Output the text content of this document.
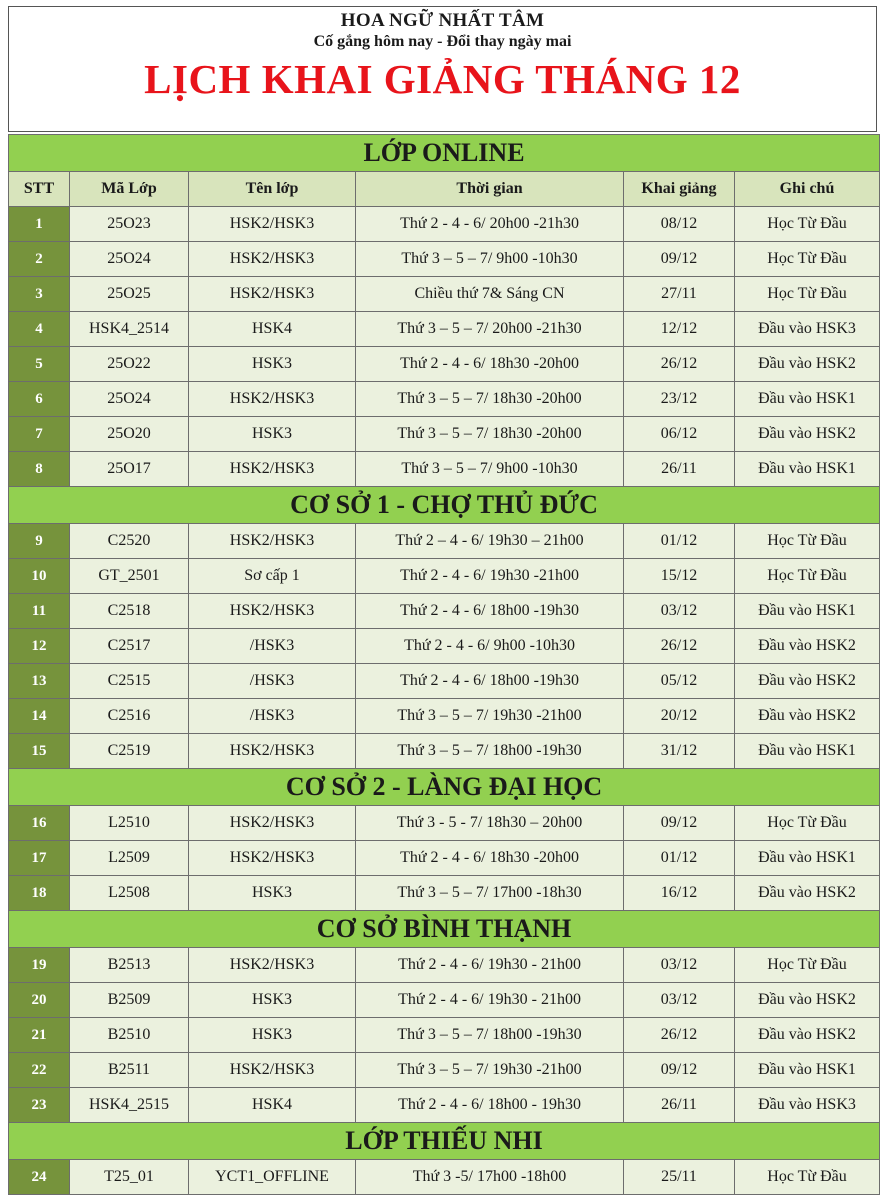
HOA NGỮ NHẤT TÂM
Cố gắng hôm nay - Đổi thay ngày mai
LỊCH KHAI GIẢNG THÁNG 12
LỚP ONLINE					
STT	Mã Lớp	Tên lớp	Thời gian	Khai giảng	Ghi chú
1	25O23	HSK2/HSK3	Thứ 2 - 4 - 6/ 20h00 -21h30	08/12	Học Từ Đầu
2	25O24	HSK2/HSK3	Thứ 3 – 5 – 7/ 9h00 -10h30	09/12	Học Từ Đầu
3	25O25	HSK2/HSK3	Chiều thứ 7& Sáng CN	27/11	Học Từ Đầu
4	HSK4_2514	HSK4	Thứ 3 – 5 – 7/ 20h00 -21h30	12/12	Đầu vào HSK3
5	25O22	HSK3	Thứ 2 - 4 - 6/ 18h30 -20h00	26/12	Đầu vào HSK2
6	25O24	HSK2/HSK3	Thứ 3 – 5 – 7/ 18h30 -20h00	23/12	Đầu vào HSK1
7	25O20	HSK3	Thứ 3 – 5 – 7/ 18h30 -20h00	06/12	Đầu vào HSK2
8	25O17	HSK2/HSK3	Thứ 3 – 5 – 7/ 9h00 -10h30	26/11	Đầu vào HSK1
CƠ SỞ 1 - CHỢ THỦ ĐỨC					
9	C2520	HSK2/HSK3	Thứ 2 – 4 - 6/ 19h30 – 21h00	01/12	Học Từ Đầu
10	GT_2501	Sơ cấp 1	Thứ 2 - 4 - 6/ 19h30 -21h00	15/12	Học Từ Đầu
11	C2518	HSK2/HSK3	Thứ 2 - 4 - 6/ 18h00 -19h30	03/12	Đầu vào HSK1
12	C2517	/HSK3	Thứ 2 - 4 - 6/ 9h00 -10h30	26/12	Đầu vào HSK2
13	C2515	/HSK3	Thứ 2 - 4 - 6/ 18h00 -19h30	05/12	Đầu vào HSK2
14	C2516	/HSK3	Thứ 3 – 5 – 7/ 19h30 -21h00	20/12	Đầu vào HSK2
15	C2519	HSK2/HSK3	Thứ 3 – 5 – 7/ 18h00 -19h30	31/12	Đầu vào HSK1
CƠ SỞ 2 - LÀNG ĐẠI HỌC					
16	L2510	HSK2/HSK3	Thứ 3 - 5 - 7/ 18h30 – 20h00	09/12	Học Từ Đầu
17	L2509	HSK2/HSK3	Thứ 2 - 4 - 6/ 18h30 -20h00	01/12	Đầu vào HSK1
18	L2508	HSK3	Thứ 3 – 5 – 7/ 17h00 -18h30	16/12	Đầu vào HSK2
CƠ SỞ BÌNH THẠNH					
19	B2513	HSK2/HSK3	Thứ 2 - 4 - 6/ 19h30 - 21h00	03/12	Học Từ Đầu
20	B2509	HSK3	Thứ 2 - 4 - 6/ 19h30 - 21h00	03/12	Đầu vào HSK2
21	B2510	HSK3	Thứ 3 – 5 – 7/ 18h00 -19h30	26/12	Đầu vào HSK2
22	B2511	HSK2/HSK3	Thứ 3 – 5 – 7/ 19h30 -21h00	09/12	Đầu vào HSK1
23	HSK4_2515	HSK4	Thứ 2 - 4 - 6/ 18h00 - 19h30	26/11	Đầu vào HSK3
LỚP THIẾU NHI					
24	T25_01	YCT1_OFFLINE	Thứ 3 -5/ 17h00 -18h00	25/11	Học Từ Đầu
